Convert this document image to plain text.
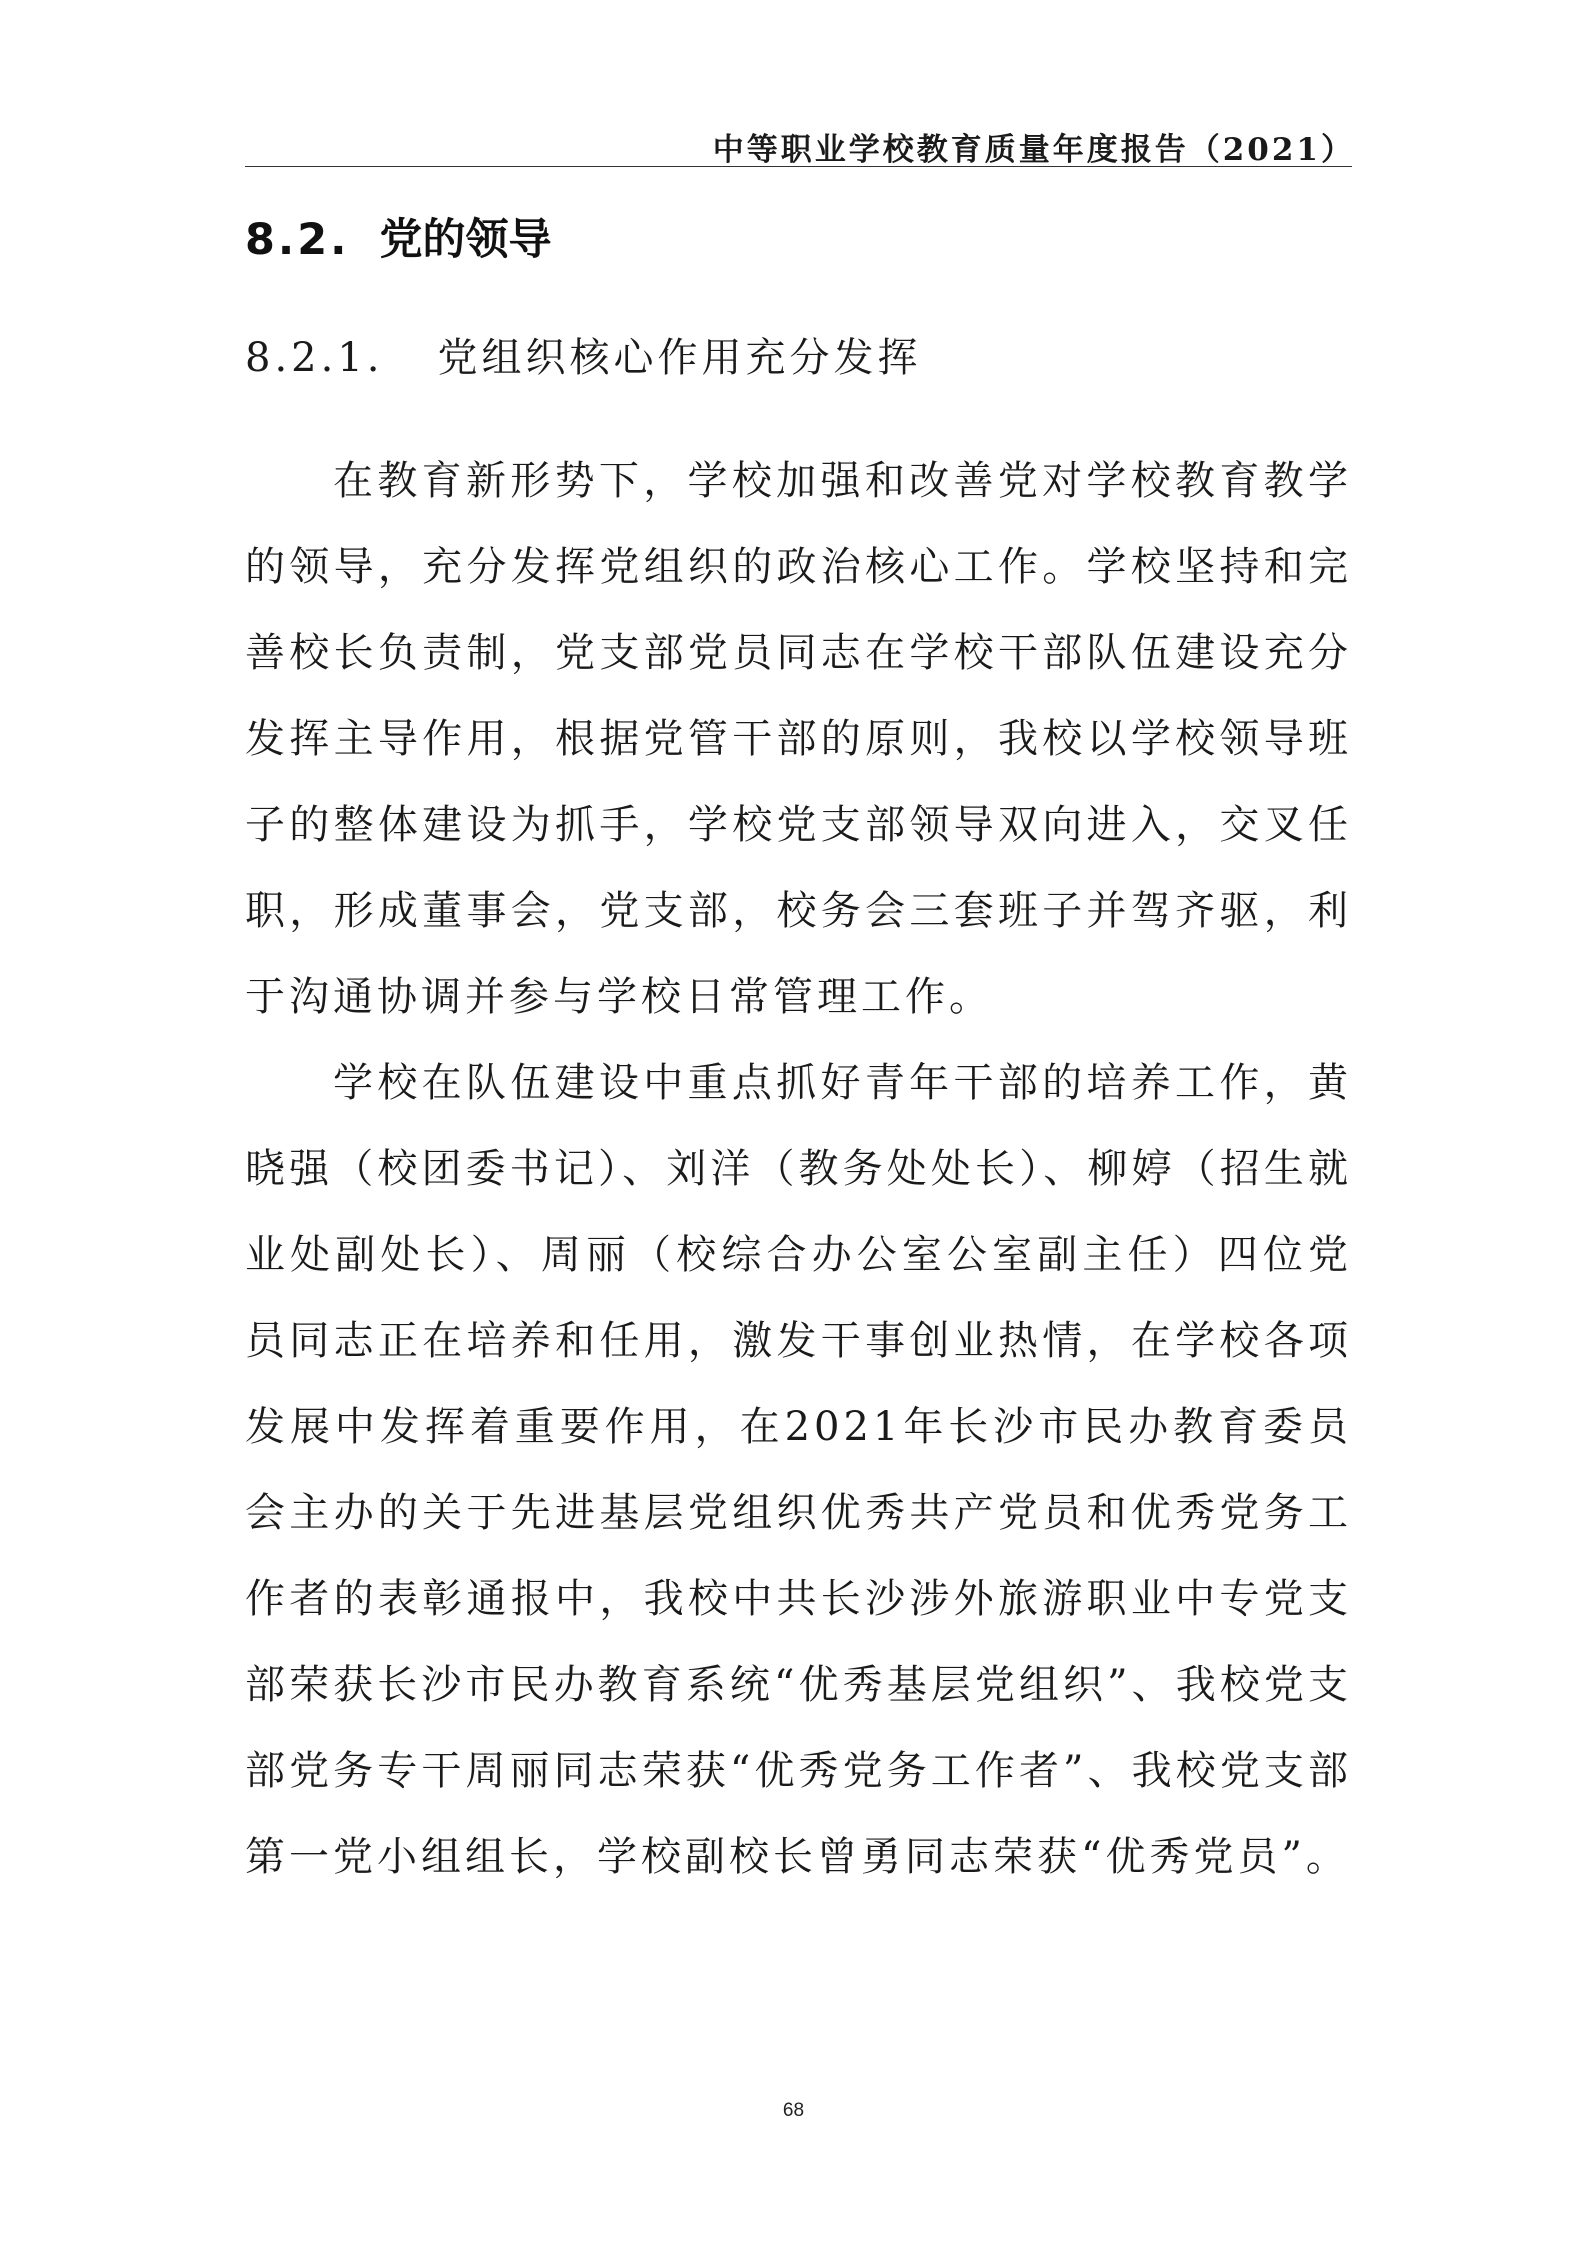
中等职业学校教育质量年度报告（2021）
8.2. 党的领导
8.2.1. 党组织核心作用充分发挥

在教育新形势下，学校加强和改善党对学校教育教学的领导，充分发挥党组织的政治核心工作。学校坚持和完善校长负责制，党支部党员同志在学校干部队伍建设充分发挥主导作用，根据党管干部的原则，我校以学校领导班子的整体建设为抓手，学校党支部领导双向进入，交叉任职，形成董事会，党支部，校务会三套班子并驾齐驱，利于沟通协调并参与学校日常管理工作。

学校在队伍建设中重点抓好青年干部的培养工作，黄晓强（校团委书记）、刘洋（教务处处长）、柳婷（招生就业处副处长）、周丽（校综合办公室公室副主任）四位党员同志正在培养和任用，激发干事创业热情，在学校各项发展中发挥着重要作用，在2021年长沙市民办教育委员会主办的关于先进基层党组织优秀共产党员和优秀党务工作者的表彰通报中，我校中共长沙涉外旅游职业中专党支部荣获长沙市民办教育系统“优秀基层党组织”、我校党支部党务专干周丽同志荣获“优秀党务工作者”、我校党支部第一党小组组长，学校副校长曾勇同志荣获“优秀党员”。

68
